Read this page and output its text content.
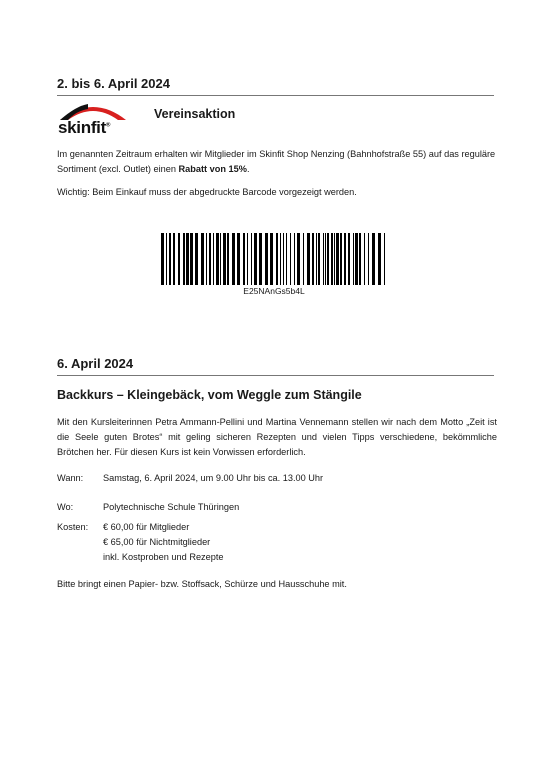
2. bis 6. April 2024
skinfit®
Vereinsaktion

Im genannten Zeitraum erhalten wir Mitglieder im Skinfit Shop Nenzing (Bahnhofstraße 55) auf das reguläre Sortiment (excl. Outlet) einen Rabatt von 15%.

Wichtig: Beim Einkauf muss der abgedruckte Barcode vorgezeigt werden.

E25NAnGs5b4L
6. April 2024
Backkurs – Kleingebäck, vom Weggle zum Stängile

Mit den Kursleiterinnen Petra Ammann-Pellini und Martina Vennemann stellen wir nach dem Motto „Zeit ist die Seele guten Brotes“ mit geling sicheren Rezepten und vielen Tipps verschiedene, bekömmliche Brötchen her. Für diesen Kurs ist kein Vorwissen erforderlich.

Wann:	Samstag, 6. April 2024, um 9.00 Uhr bis ca. 13.00 Uhr
Wo:	Polytechnische Schule Thüringen
Kosten:	€ 60,00 für Mitglieder
€ 65,00 für Nichtmitglieder
inkl. Kostproben und Rezepte

Bitte bringt einen Papier- bzw. Stoffsack, Schürze und Hausschuhe mit.
